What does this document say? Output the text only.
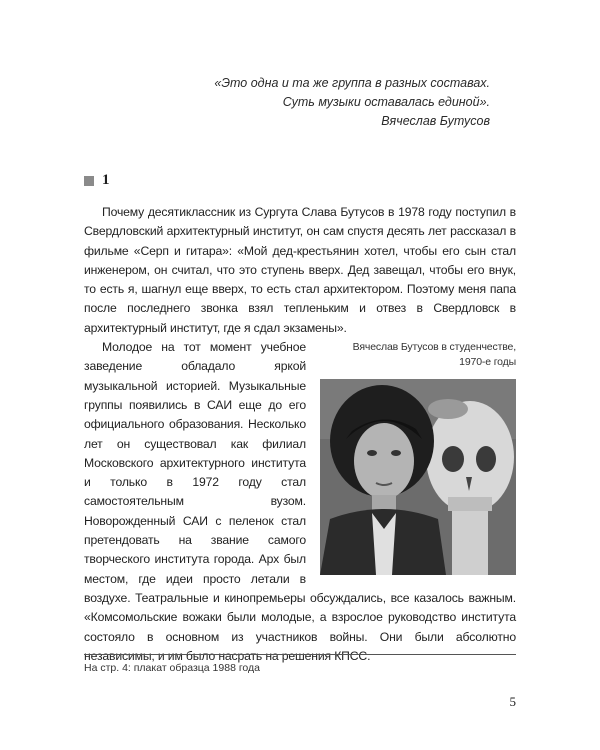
«Это одна и та же группа в разных составах.
Суть музыки оставалась единой».
Вячеслав Бутусов
1

Почему десятиклассник из Сургута Слава Бутусов в 1978 году поступил в Свердловский архитектурный институт, он сам спустя десять лет рассказал в фильме «Серп и гитара»: «Мой дед-крестьянин хотел, чтобы его сын стал инженером, он считал, что это ступень вверх. Дед завещал, чтобы его внук, то есть я, шагнул еще вверх, то есть стал архитектором. Поэтому меня папа после последнего звонка взял тепленьким и отвез в Свердловск в архитектурный институт, где я сдал экзамены».

Вячеслав Бутусов в студенчестве,
1970-е годы

Молодое на тот момент учебное заведение обладало яркой музыкальной историей. Музыкальные группы появились в САИ еще до его официального образования. Несколько лет он существовал как филиал Московского архитектурного института и только в 1972 году стал самостоятельным вузом. Новорожденный САИ с пеленок стал претендовать на звание самого творческого института города. Арх был местом, где идеи просто летали в воздухе. Театральные и кинопремьеры обсуждались, все казалось важным. «Комсомольские вожаки были молодые, а взрослое руководство института состояло в основном из участников войны. Они были абсолютно независимы, и им было насрать на решения КПСС.

На стр. 4: плакат образца 1988 года
5
